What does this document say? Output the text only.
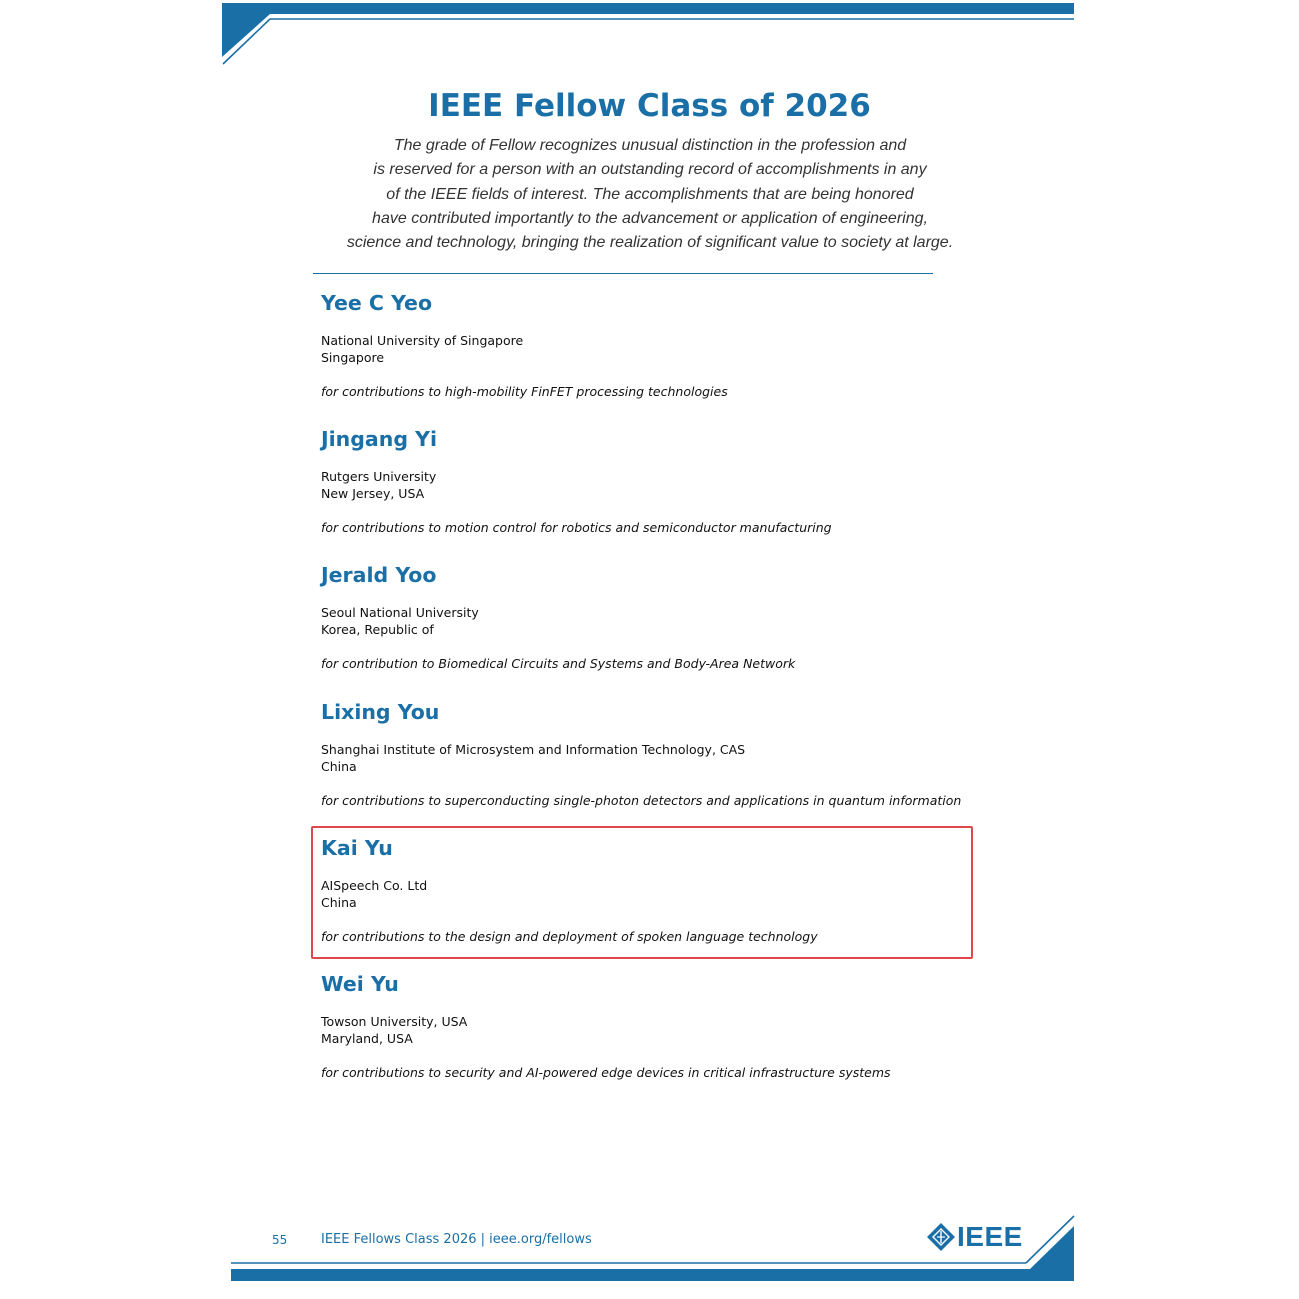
IEEE Fellow Class of 2026
The grade of Fellow recognizes unusual distinction in the profession and
is reserved for a person with an outstanding record of accomplishments in any
of the IEEE fields of interest. The accomplishments that are being honored
have contributed importantly to the advancement or application of engineering,
science and technology, bringing the realization of significant value to society at large.
Yee C Yeo
National University of Singapore
Singapore
for contributions to high-mobility FinFET processing technologies
Jingang Yi
Rutgers University
New Jersey, USA
for contributions to motion control for robotics and semiconductor manufacturing
Jerald Yoo
Seoul National University
Korea, Republic of
for contribution to Biomedical Circuits and Systems and Body-Area Network
Lixing You
Shanghai Institute of Microsystem and Information Technology, CAS
China
for contributions to superconducting single-photon detectors and applications in quantum information
Kai Yu
AISpeech Co. Ltd
China
for contributions to the design and deployment of spoken language technology
Wei Yu
Towson University, USA
Maryland, USA
for contributions to security and AI-powered edge devices in critical infrastructure systems
55	IEEE Fellows Class 2026 | ieee.org/fellows	IEEE
